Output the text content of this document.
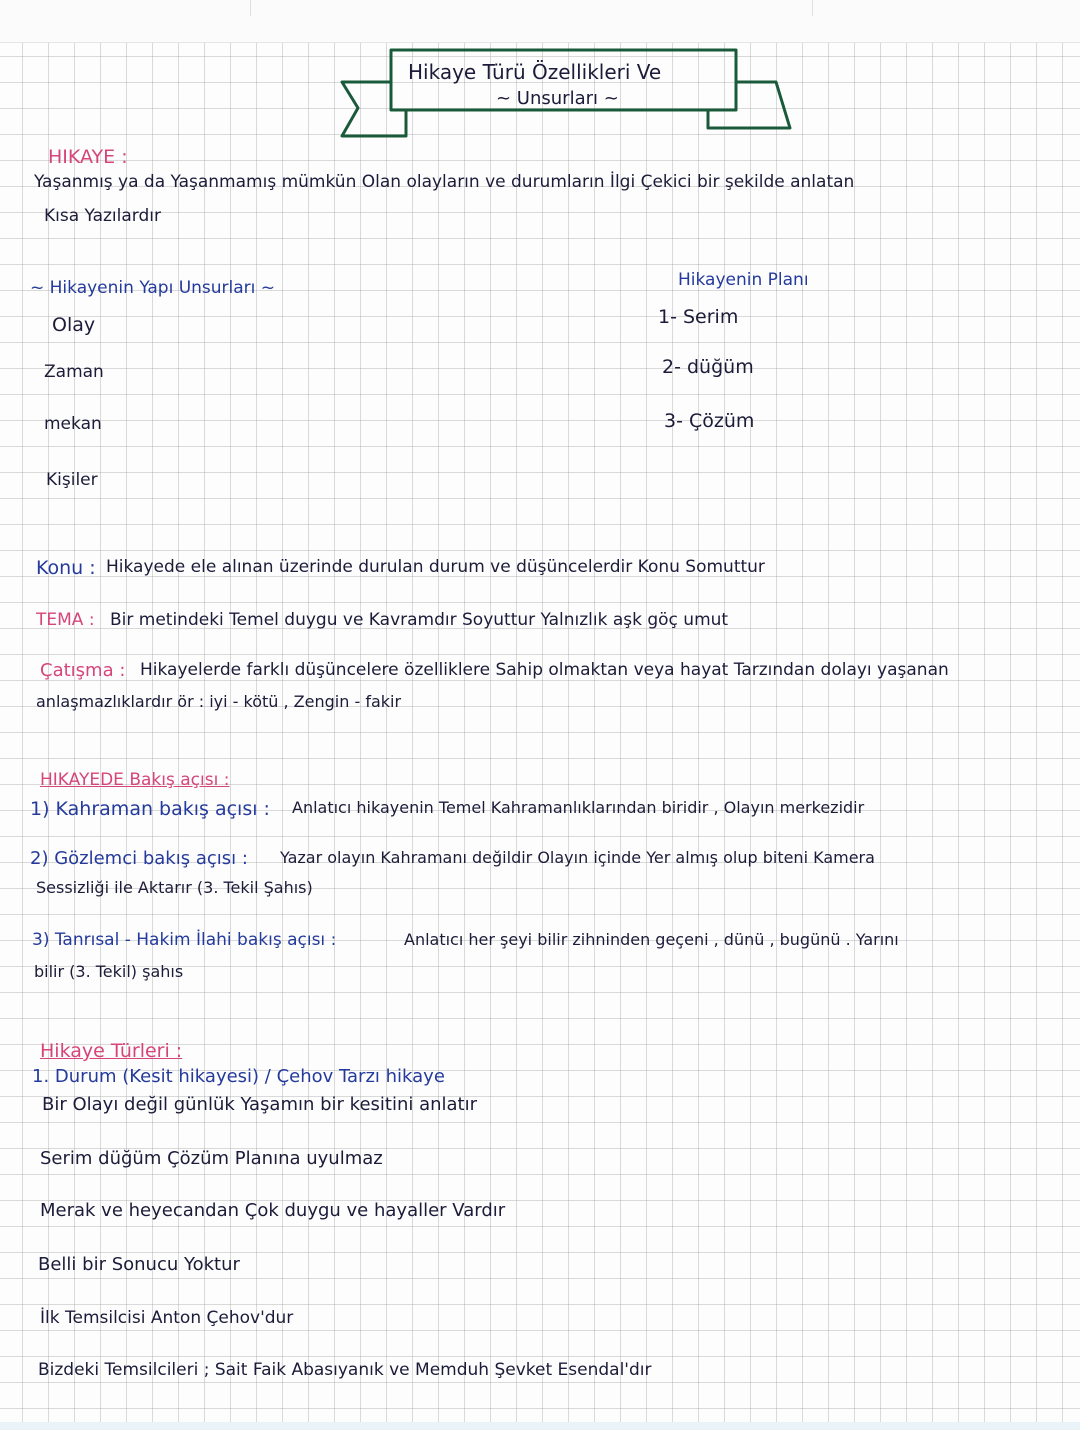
Hikaye Türü Özellikleri Ve
~ Unsurları ~
HIKAYE :
Yaşanmış ya da Yaşanmamış mümkün Olan olayların ve durumların İlgi Çekici bir şekilde anlatan
Kısa Yazılardır
~ Hikayenin Yapı Unsurları ~
Olay
Zaman
mekan
Kişiler
Hikayenin Planı
1- Serim
2- düğüm
3- Çözüm
Konu : Hikayede ele alınan üzerinde durulan durum ve düşüncelerdir Konu Somuttur
TEMA : Bir metindeki Temel duygu ve Kavramdır Soyuttur Yalnızlık aşk göç umut
Çatışma : Hikayelerde farklı düşüncelere özelliklere Sahip olmaktan veya hayat Tarzından dolayı yaşanan
anlaşmazlıklardır ör : iyi - kötü , Zengin - fakir
HIKAYEDE Bakış açısı :
1) Kahraman bakış açısı : Anlatıcı hikayenin Temel Kahramanlıklarından biridir , Olayın merkezidir
2) Gözlemci bakış açısı : Yazar olayın Kahramanı değildir Olayın içinde Yer almış olup biteni Kamera
Sessizliği ile Aktarır (3. Tekil Şahıs)
3) Tanrısal - Hakim İlahi bakış açısı :	Anlatıcı her şeyi bilir zihninden geçeni , dünü , bugünü . Yarını
bilir (3. Tekil) şahıs
Hikaye Türleri :
1. Durum (Kesit hikayesi) / Çehov Tarzı hikaye
Bir Olayı değil günlük Yaşamın bir kesitini anlatır
Serim düğüm Çözüm Planına uyulmaz
Merak ve heyecandan Çok duygu ve hayaller Vardır
Belli bir Sonucu Yoktur
İlk Temsilcisi Anton Çehov'dur
Bizdeki Temsilcileri ; Sait Faik Abasıyanık ve Memduh Şevket Esendal'dır
